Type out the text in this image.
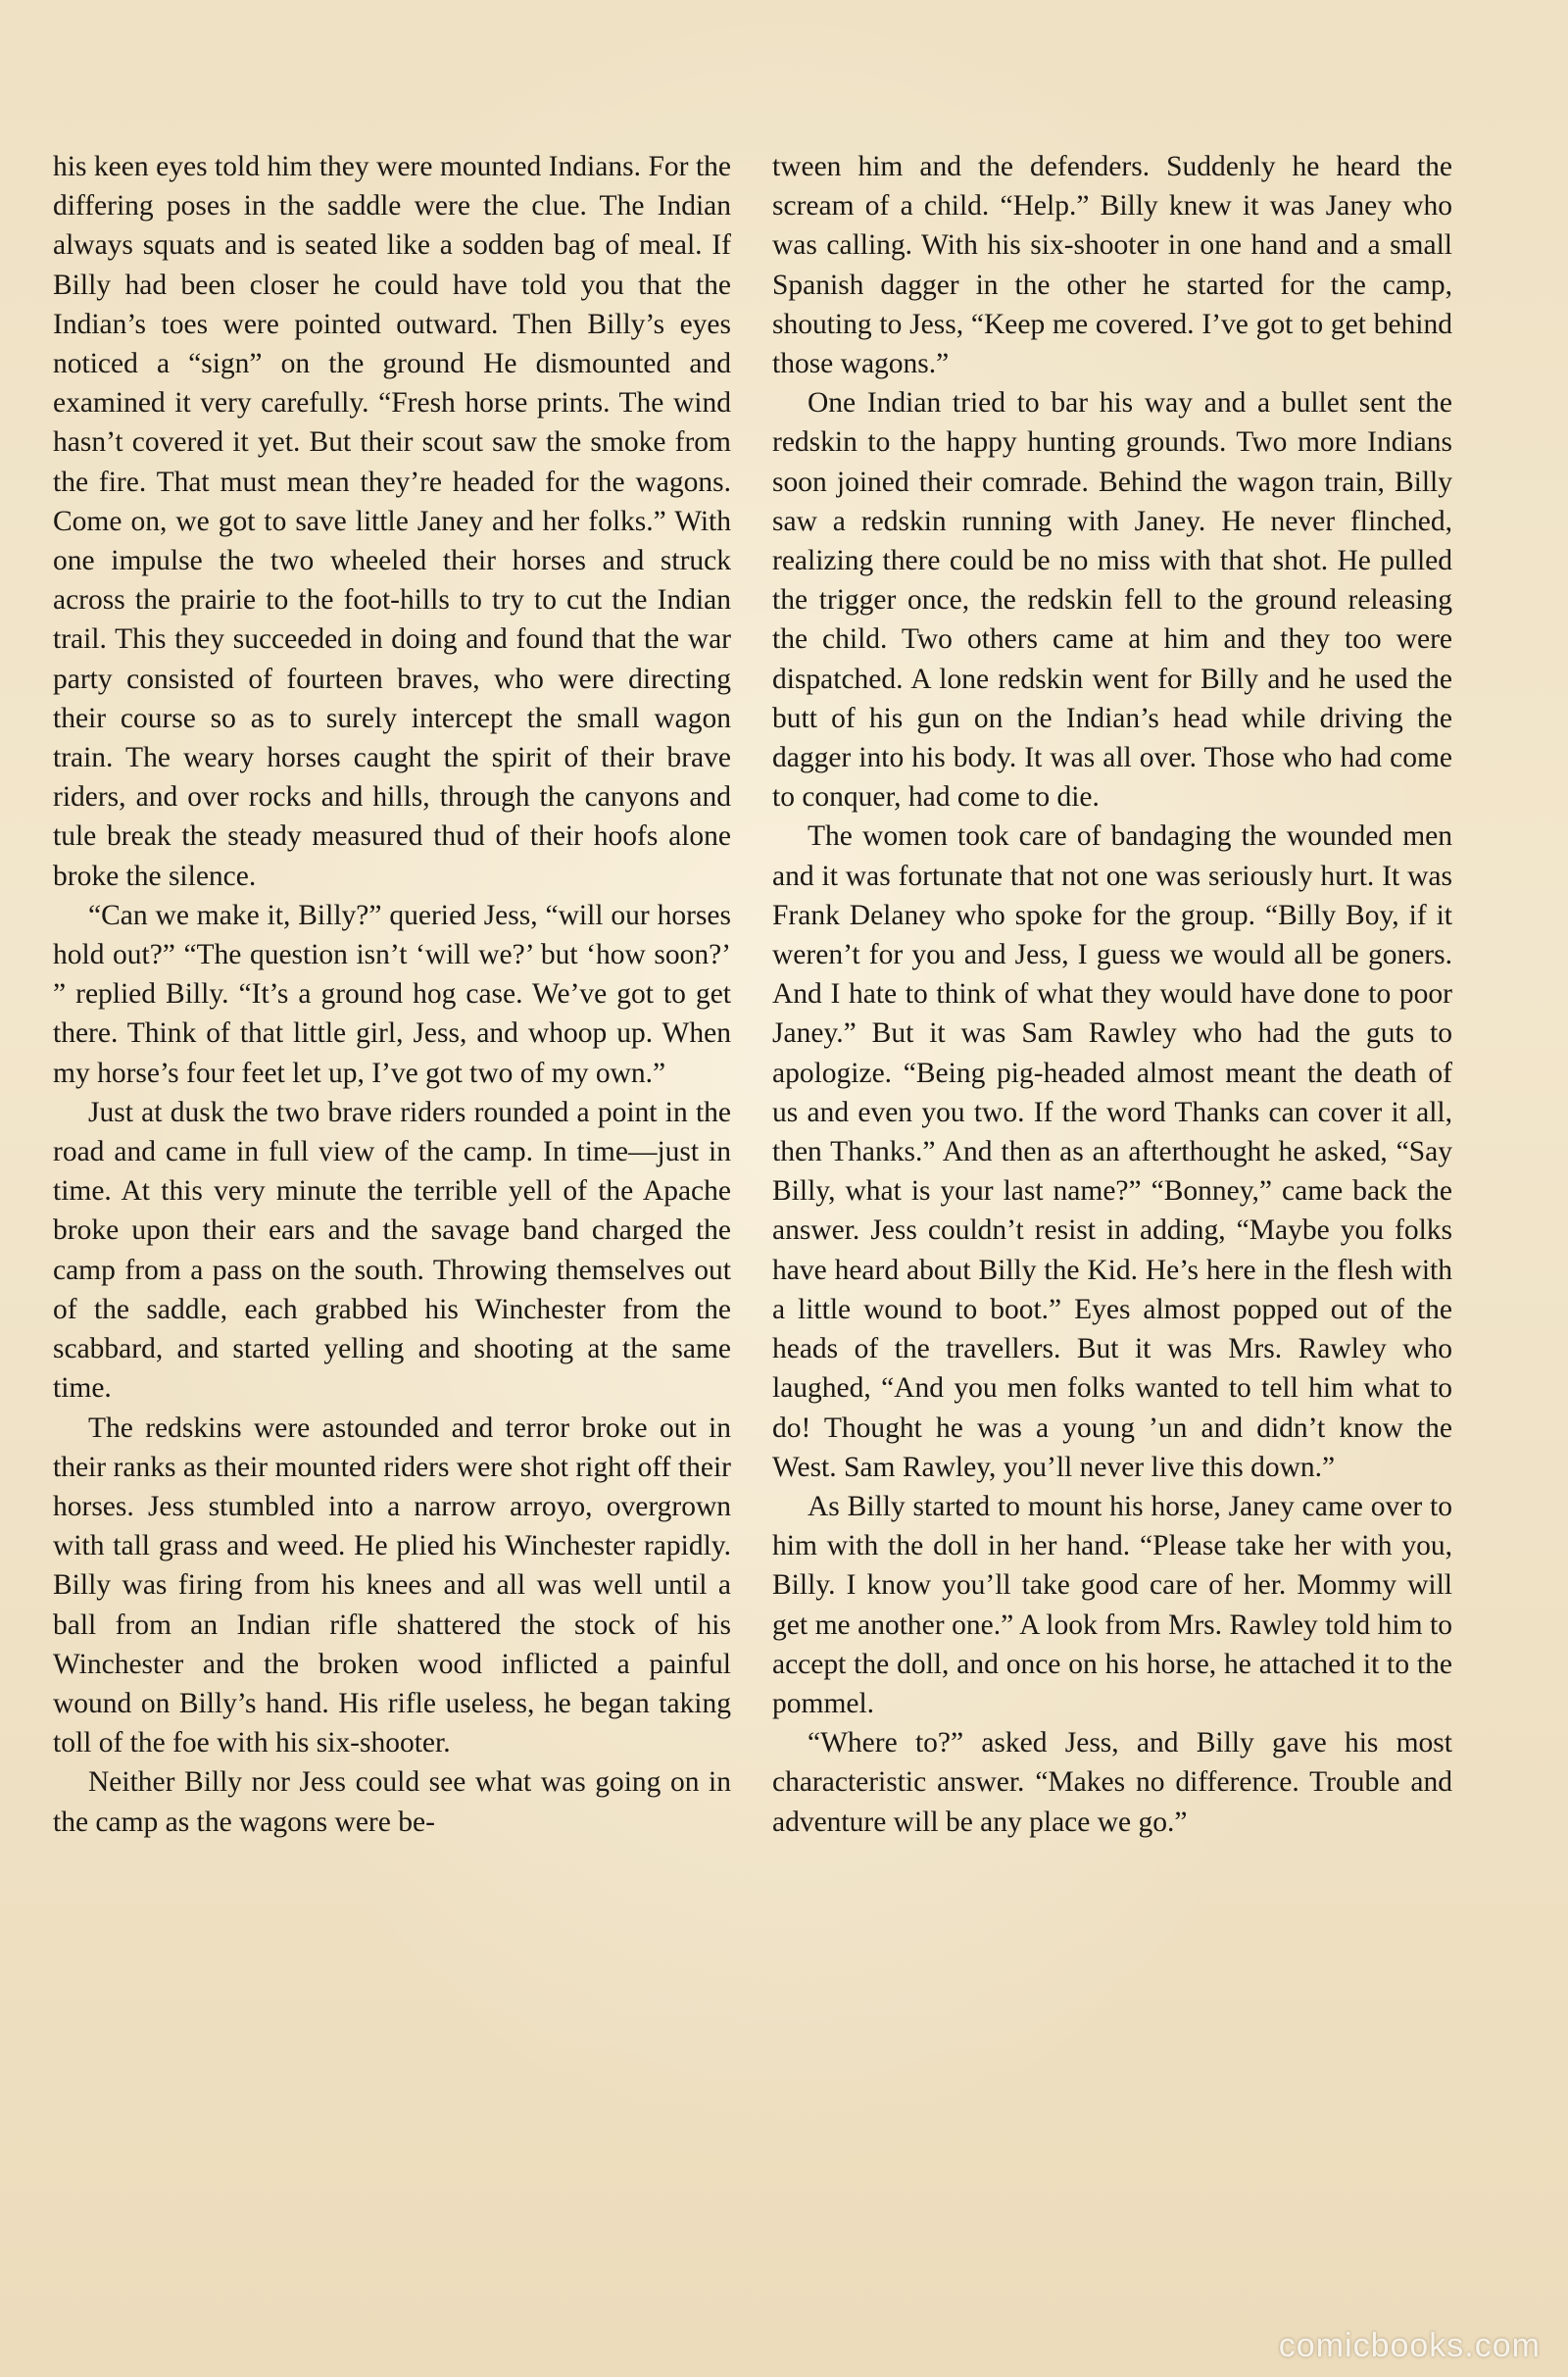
his keen eyes told him they were mounted Indians. For the differing poses in the saddle were the clue. The Indian always squats and is seated like a sodden bag of meal. If Billy had been closer he could have told you that the Indian’s toes were pointed outward. Then Billy’s eyes noticed a “sign” on the ground He dismounted and examined it very carefully. “Fresh horse prints. The wind hasn’t covered it yet. But their scout saw the smoke from the fire. That must mean they’re headed for the wagons. Come on, we got to save little Janey and her folks.” With one impulse the two wheeled their horses and struck across the prairie to the foot-hills to try to cut the Indian trail. This they succeeded in doing and found that the war party consisted of fourteen braves, who were directing their course so as to surely intercept the small wagon train. The weary horses caught the spirit of their brave riders, and over rocks and hills, through the canyons and tule break the steady measured thud of their hoofs alone broke the silence.

“Can we make it, Billy?” queried Jess, “will our horses hold out?” “The question isn’t ‘will we?’ but ‘how soon?’ ” replied Billy. “It’s a ground hog case. We’ve got to get there. Think of that little girl, Jess, and whoop up. When my horse’s four feet let up, I’ve got two of my own.”

Just at dusk the two brave riders rounded a point in the road and came in full view of the camp. In time—just in time. At this very minute the terrible yell of the Apache broke upon their ears and the savage band charged the camp from a pass on the south. Throwing themselves out of the saddle, each grabbed his Winchester from the scabbard, and started yelling and shooting at the same time.

The redskins were astounded and terror broke out in their ranks as their mounted riders were shot right off their horses. Jess stumbled into a narrow arroyo, overgrown with tall grass and weed. He plied his Winchester rapidly. Billy was firing from his knees and all was well until a ball from an Indian rifle shattered the stock of his Winchester and the broken wood inflicted a painful wound on Billy’s hand. His rifle useless, he began taking toll of the foe with his six-shooter.

Neither Billy nor Jess could see what was going on in the camp as the wagons were be-

tween him and the defenders. Suddenly he heard the scream of a child. “Help.” Billy knew it was Janey who was calling. With his six-shooter in one hand and a small Spanish dagger in the other he started for the camp, shouting to Jess, “Keep me covered. I’ve got to get behind those wagons.”

One Indian tried to bar his way and a bullet sent the redskin to the happy hunting grounds. Two more Indians soon joined their comrade. Behind the wagon train, Billy saw a redskin running with Janey. He never flinched, realizing there could be no miss with that shot. He pulled the trigger once, the redskin fell to the ground releasing the child. Two others came at him and they too were dispatched. A lone redskin went for Billy and he used the butt of his gun on the Indian’s head while driving the dagger into his body. It was all over. Those who had come to conquer, had come to die.

The women took care of bandaging the wounded men and it was fortunate that not one was seriously hurt. It was Frank Delaney who spoke for the group. “Billy Boy, if it weren’t for you and Jess, I guess we would all be goners. And I hate to think of what they would have done to poor Janey.” But it was Sam Rawley who had the guts to apologize. “Being pig-headed almost meant the death of us and even you two. If the word Thanks can cover it all, then Thanks.” And then as an afterthought he asked, “Say Billy, what is your last name?” “Bonney,” came back the answer. Jess couldn’t resist in adding, “Maybe you folks have heard about Billy the Kid. He’s here in the flesh with a little wound to boot.” Eyes almost popped out of the heads of the travellers. But it was Mrs. Rawley who laughed, “And you men folks wanted to tell him what to do! Thought he was a young ’un and didn’t know the West. Sam Rawley, you’ll never live this down.”

As Billy started to mount his horse, Janey came over to him with the doll in her hand. “Please take her with you, Billy. I know you’ll take good care of her. Mommy will get me another one.” A look from Mrs. Rawley told him to accept the doll, and once on his horse, he attached it to the pommel.

“Where to?” asked Jess, and Billy gave his most characteristic answer. “Makes no difference. Trouble and adventure will be any place we go.”

comicbooks.com
